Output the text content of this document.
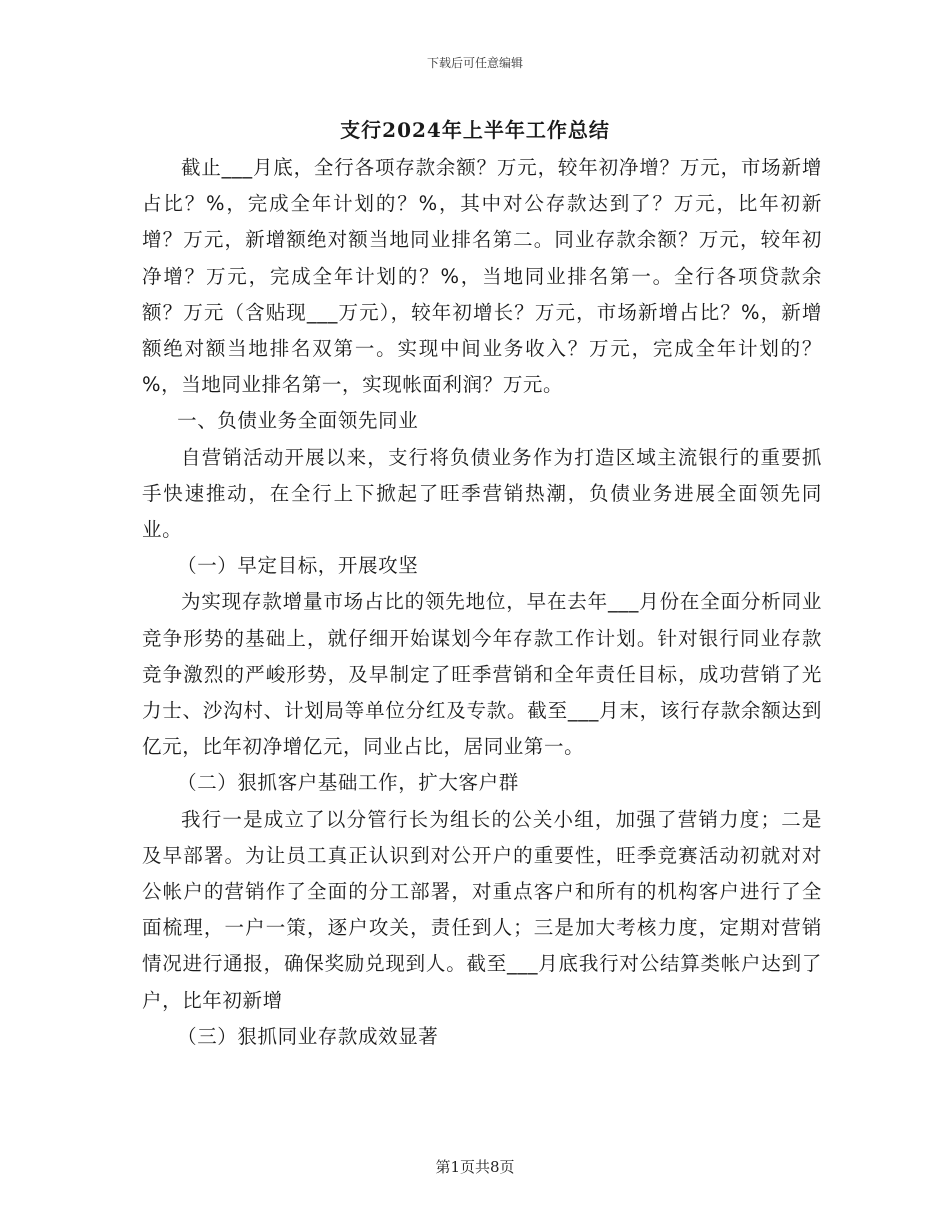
下载后可任意编辑
支行2024年上半年工作总结

截止___月底，全行各项存款余额？万元，较年初净增？万元，市场新增占比？%，完成全年计划的？%，其中对公存款达到了？万元，比年初新增？万元，新增额绝对额当地同业排名第二。同业存款余额？万元，较年初净增？万元，完成全年计划的？%，当地同业排名第一。全行各项贷款余额？万元（含贴现___万元），较年初增长？万元，市场新增占比？%，新增额绝对额当地排名双第一。实现中间业务收入？万元，完成全年计划的？%，当地同业排名第一，实现帐面利润？万元。

一、负债业务全面领先同业

自营销活动开展以来，支行将负债业务作为打造区域主流银行的重要抓手快速推动，在全行上下掀起了旺季营销热潮，负债业务进展全面领先同业。

（一）早定目标，开展攻坚

为实现存款增量市场占比的领先地位，早在去年___月份在全面分析同业竞争形势的基础上，就仔细开始谋划今年存款工作计划。针对银行同业存款竞争激烈的严峻形势，及早制定了旺季营销和全年责任目标，成功营销了光力士、沙沟村、计划局等单位分红及专款。截至___月末，该行存款余额达到亿元，比年初净增亿元，同业占比，居同业第一。

（二）狠抓客户基础工作，扩大客户群

我行一是成立了以分管行长为组长的公关小组，加强了营销力度；二是及早部署。为让员工真正认识到对公开户的重要性，旺季竞赛活动初就对对公帐户的营销作了全面的分工部署，对重点客户和所有的机构客户进行了全面梳理，一户一策，逐户攻关，责任到人；三是加大考核力度，定期对营销情况进行通报，确保奖励兑现到人。截至___月底我行对公结算类帐户达到了户，比年初新增

（三）狠抓同业存款成效显著

第1页共8页
